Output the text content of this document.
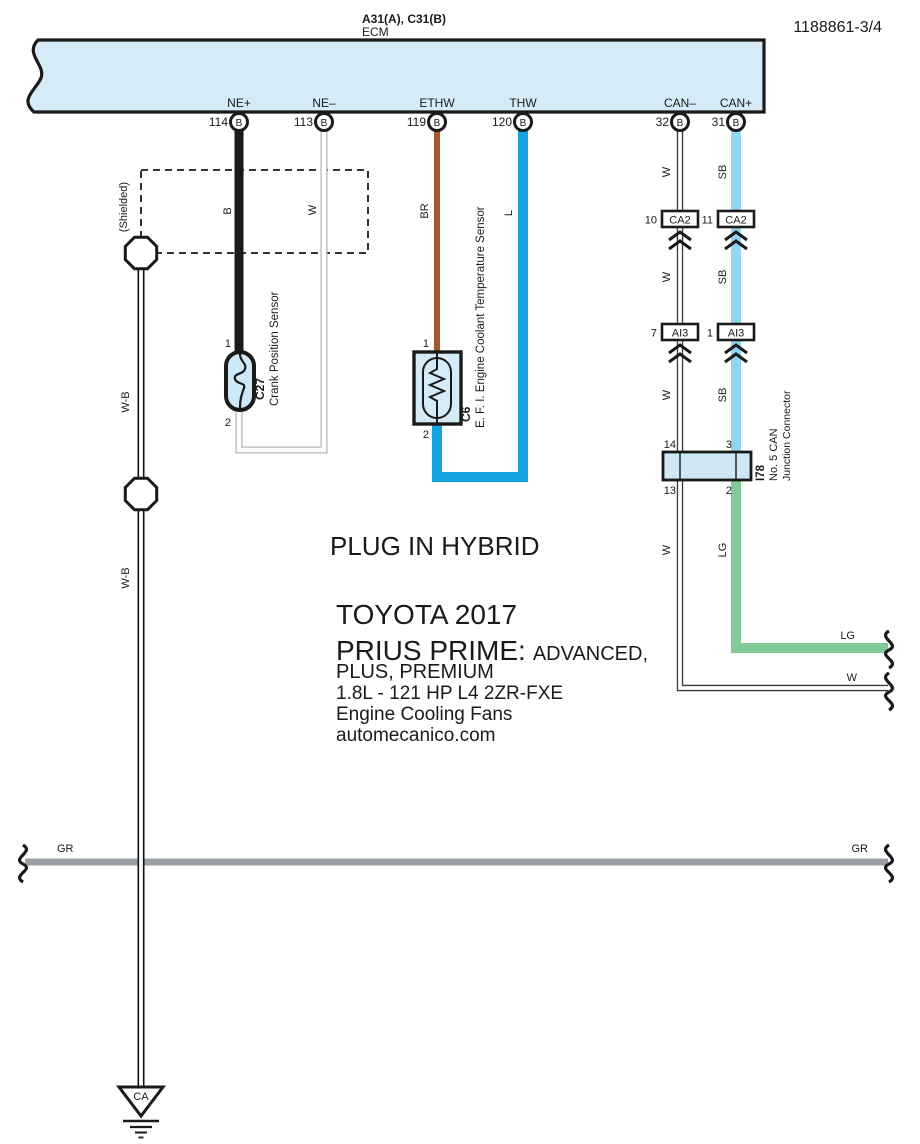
A31(A), C31(B)
ECM	1188861-3/4
(Shielded)
GR	GR
W-B
W-B
B	W	BR	L
W
W
W
W
W
SB
SB
SB
LG
LG
NE+	NE–	ETHW	THW	CAN– CAN+
B
114	B
113	B
119	B
120	B
32	B
31
1
2
C27 Crank Position Sensor	1
2
C6 E. F. I. Engine Coolant Temperature Sensor	CA2
10	CA2
11
AI3
7	AI3
1
14	3
13	2
I78 No. 5 CAN Junction Connector
CA
PLUG IN HYBRID
TOYOTA 2017
PRIUS PRIME: ADVANCED,
PLUS, PREMIUM
1.8L - 121 HP L4 2ZR-FXE
Engine Cooling Fans
automecanico.com
